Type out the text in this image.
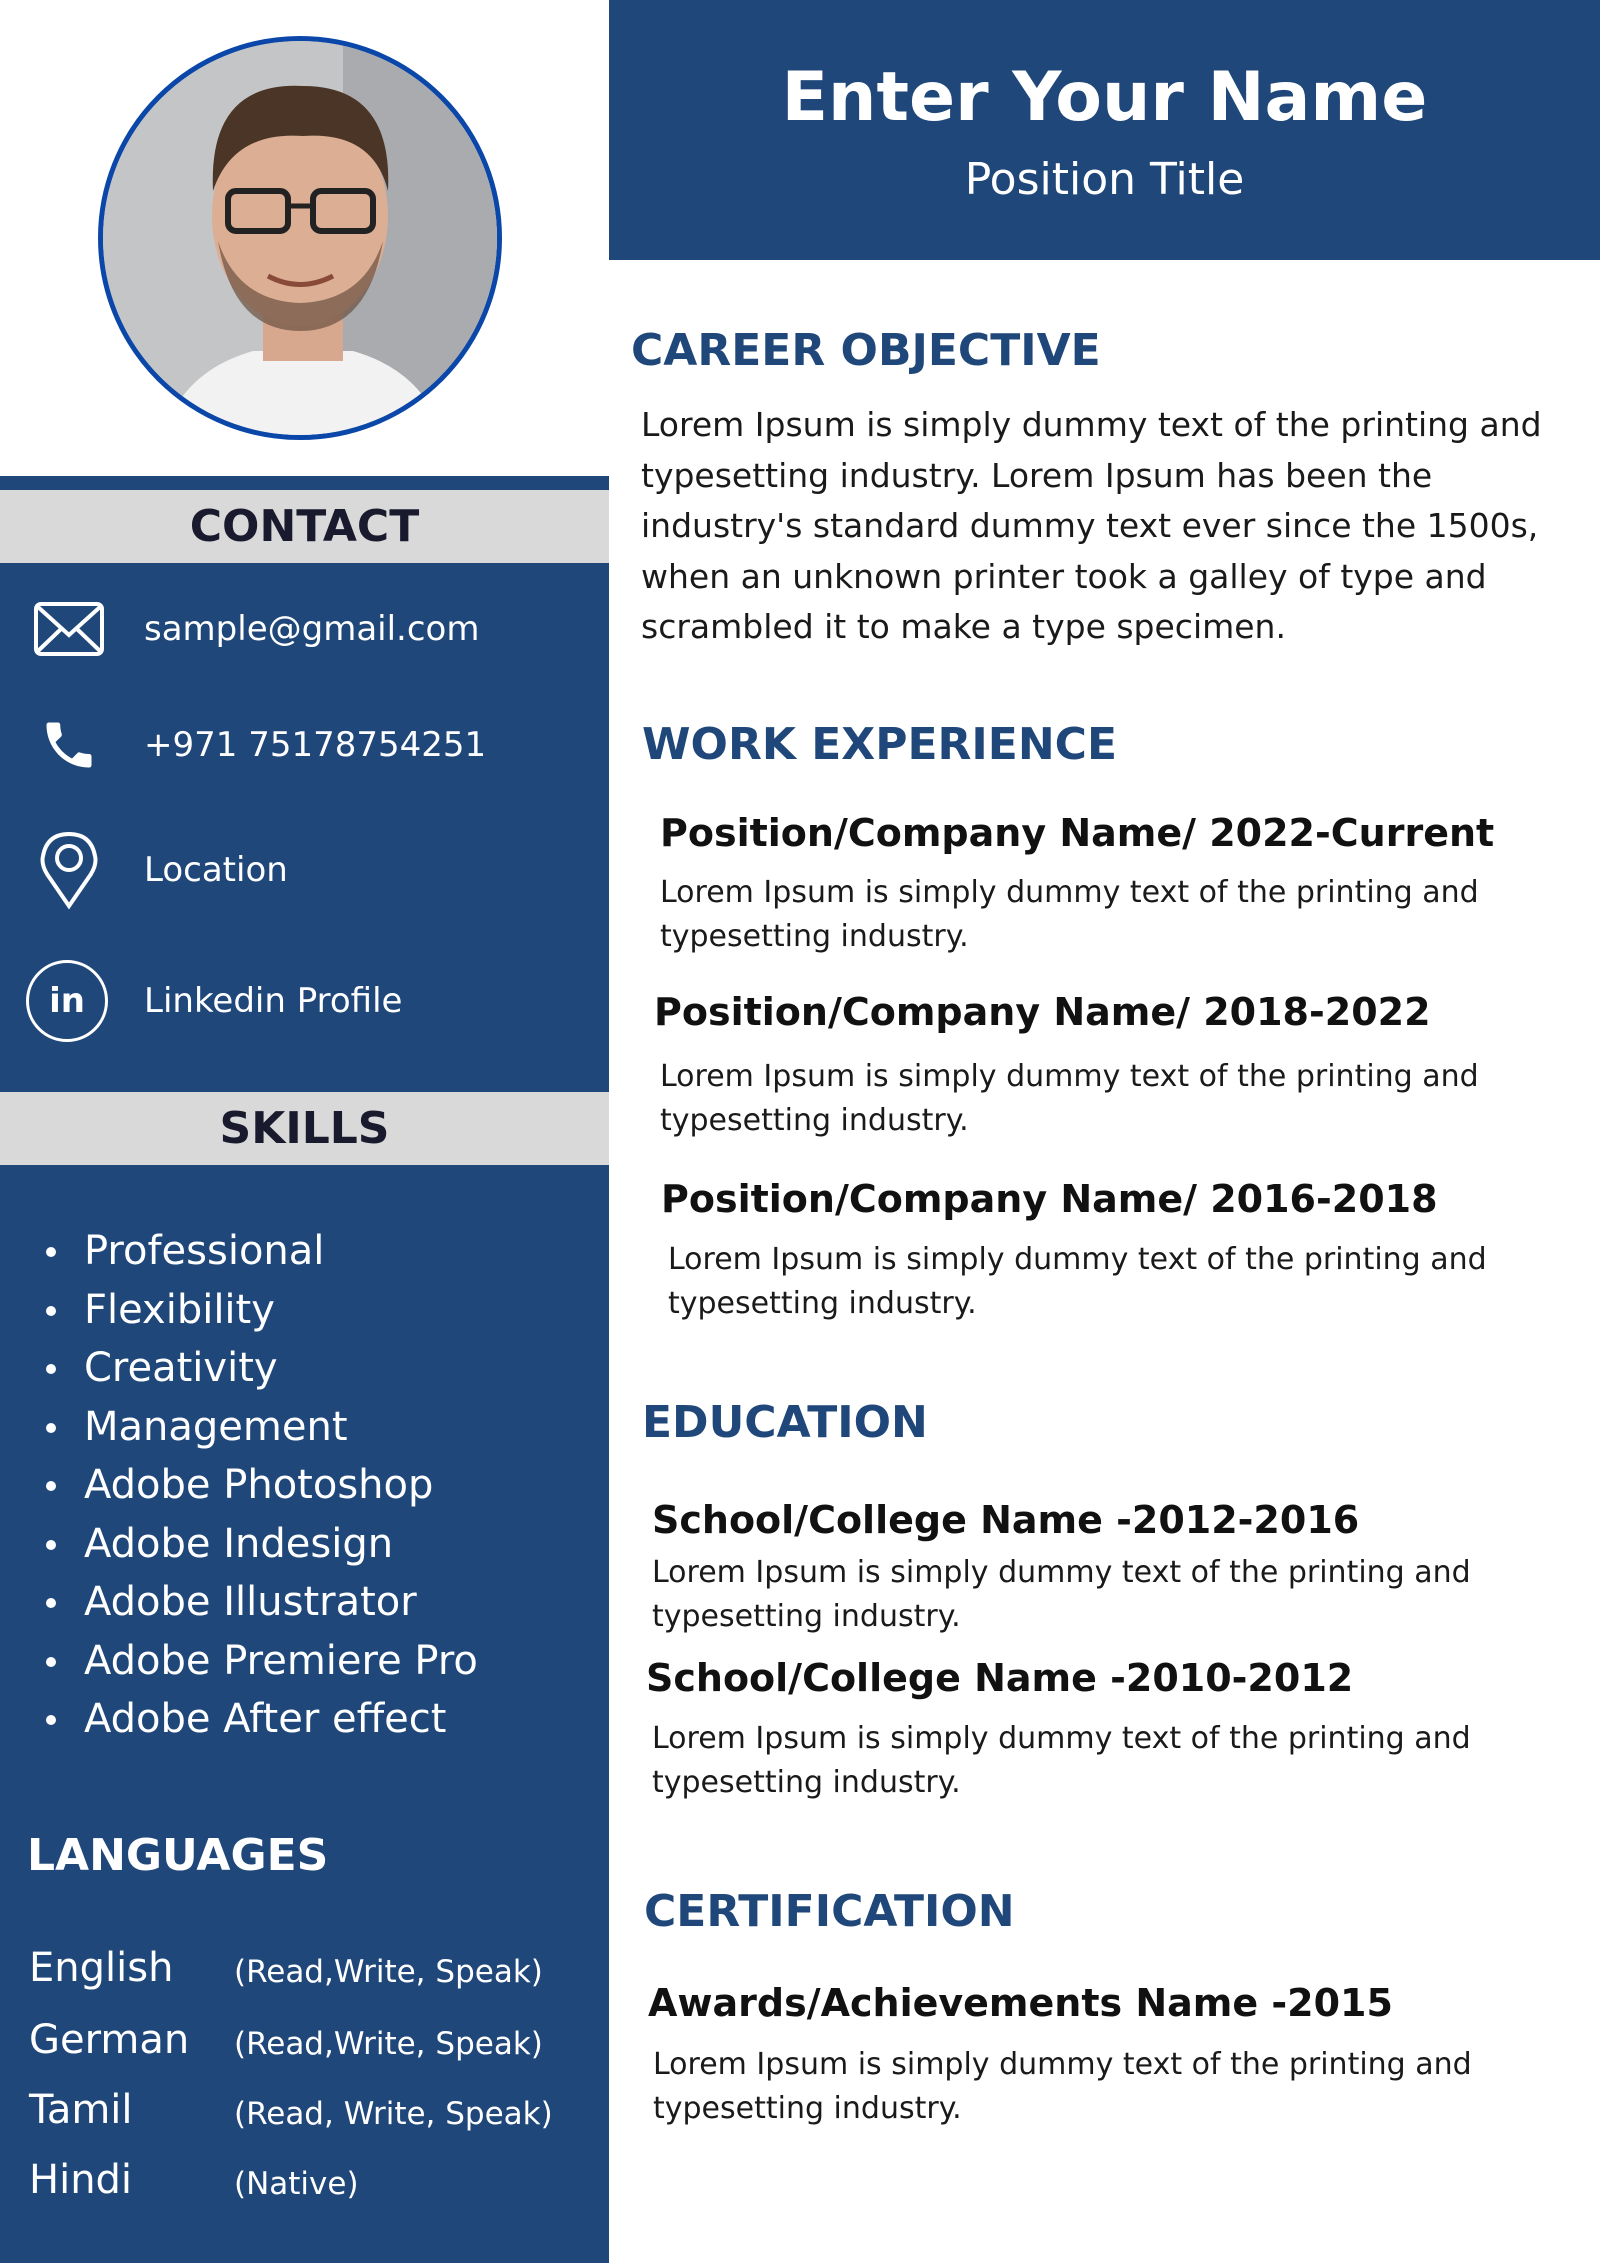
CONTACT
sample@gmail.com
+971 75178754251
Location
in Linkedin Profile
SKILLS
Professional
Flexibility
Creativity
Management
Adobe Photoshop
Adobe Indesign
Adobe Illustrator
Adobe Premiere Pro
Adobe After effect
LANGUAGES
English (Read,Write, Speak)
German (Read,Write, Speak)
Tamil	(Read, Write, Speak)
Hindi	(Native)
Enter Your Name
Position Title
CAREER OBJECTIVE
Lorem Ipsum is simply dummy text of the printing and typesetting industry. Lorem Ipsum has been the industry's standard dummy text ever since the 1500s, when an unknown printer took a galley of type and scrambled it to make a type specimen.
WORK EXPERIENCE
Position/Company Name/ 2022-Current
Lorem Ipsum is simply dummy text of the printing and typesetting industry.
Position/Company Name/ 2018-2022
Lorem Ipsum is simply dummy text of the printing and typesetting industry.
Position/Company Name/ 2016-2018
Lorem Ipsum is simply dummy text of the printing and typesetting industry.
EDUCATION
School/College Name -2012-2016
Lorem Ipsum is simply dummy text of the printing and typesetting industry.
School/College Name -2010-2012
Lorem Ipsum is simply dummy text of the printing and typesetting industry.
CERTIFICATION
Awards/Achievements Name -2015
Lorem Ipsum is simply dummy text of the printing and typesetting industry.
